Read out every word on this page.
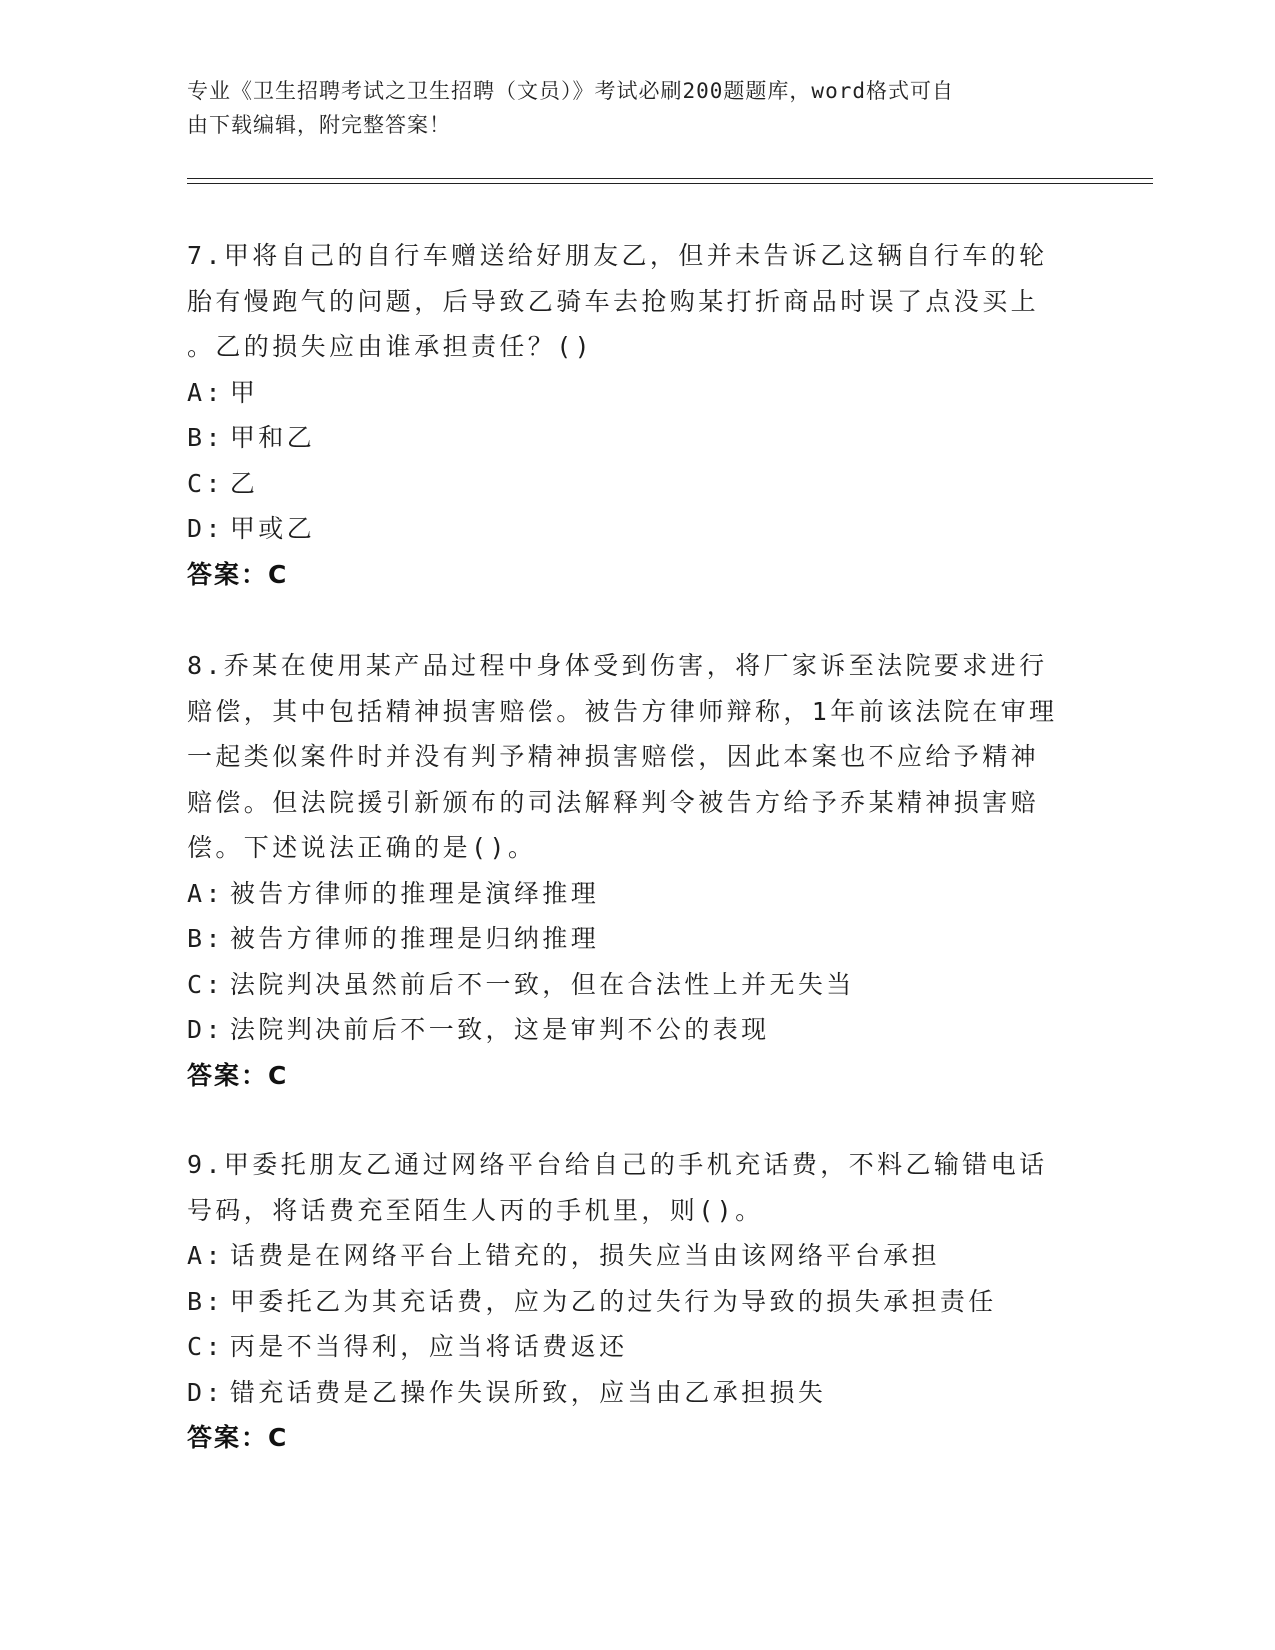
专业《卫生招聘考试之卫生招聘（文员）》考试必刷200题题库，word格式可自
由下载编辑，附完整答案！
7.甲将自己的自行车赠送给好朋友乙，但并未告诉乙这辆自行车的轮
胎有慢跑气的问题，后导致乙骑车去抢购某打折商品时误了点没买上
。乙的损失应由谁承担责任？()
A: 甲
B: 甲和乙
C: 乙
D: 甲或乙
答案：C
8.乔某在使用某产品过程中身体受到伤害，将厂家诉至法院要求进行
赔偿，其中包括精神损害赔偿。被告方律师辩称，1年前该法院在审理
一起类似案件时并没有判予精神损害赔偿，因此本案也不应给予精神
赔偿。但法院援引新颁布的司法解释判令被告方给予乔某精神损害赔
偿。下述说法正确的是()。
A: 被告方律师的推理是演绎推理
B: 被告方律师的推理是归纳推理
C: 法院判决虽然前后不一致，但在合法性上并无失当
D: 法院判决前后不一致，这是审判不公的表现
答案：C
9.甲委托朋友乙通过网络平台给自己的手机充话费，不料乙输错电话
号码，将话费充至陌生人丙的手机里，则()。
A: 话费是在网络平台上错充的，损失应当由该网络平台承担
B: 甲委托乙为其充话费，应为乙的过失行为导致的损失承担责任
C: 丙是不当得利，应当将话费返还
D: 错充话费是乙操作失误所致，应当由乙承担损失
答案：C
